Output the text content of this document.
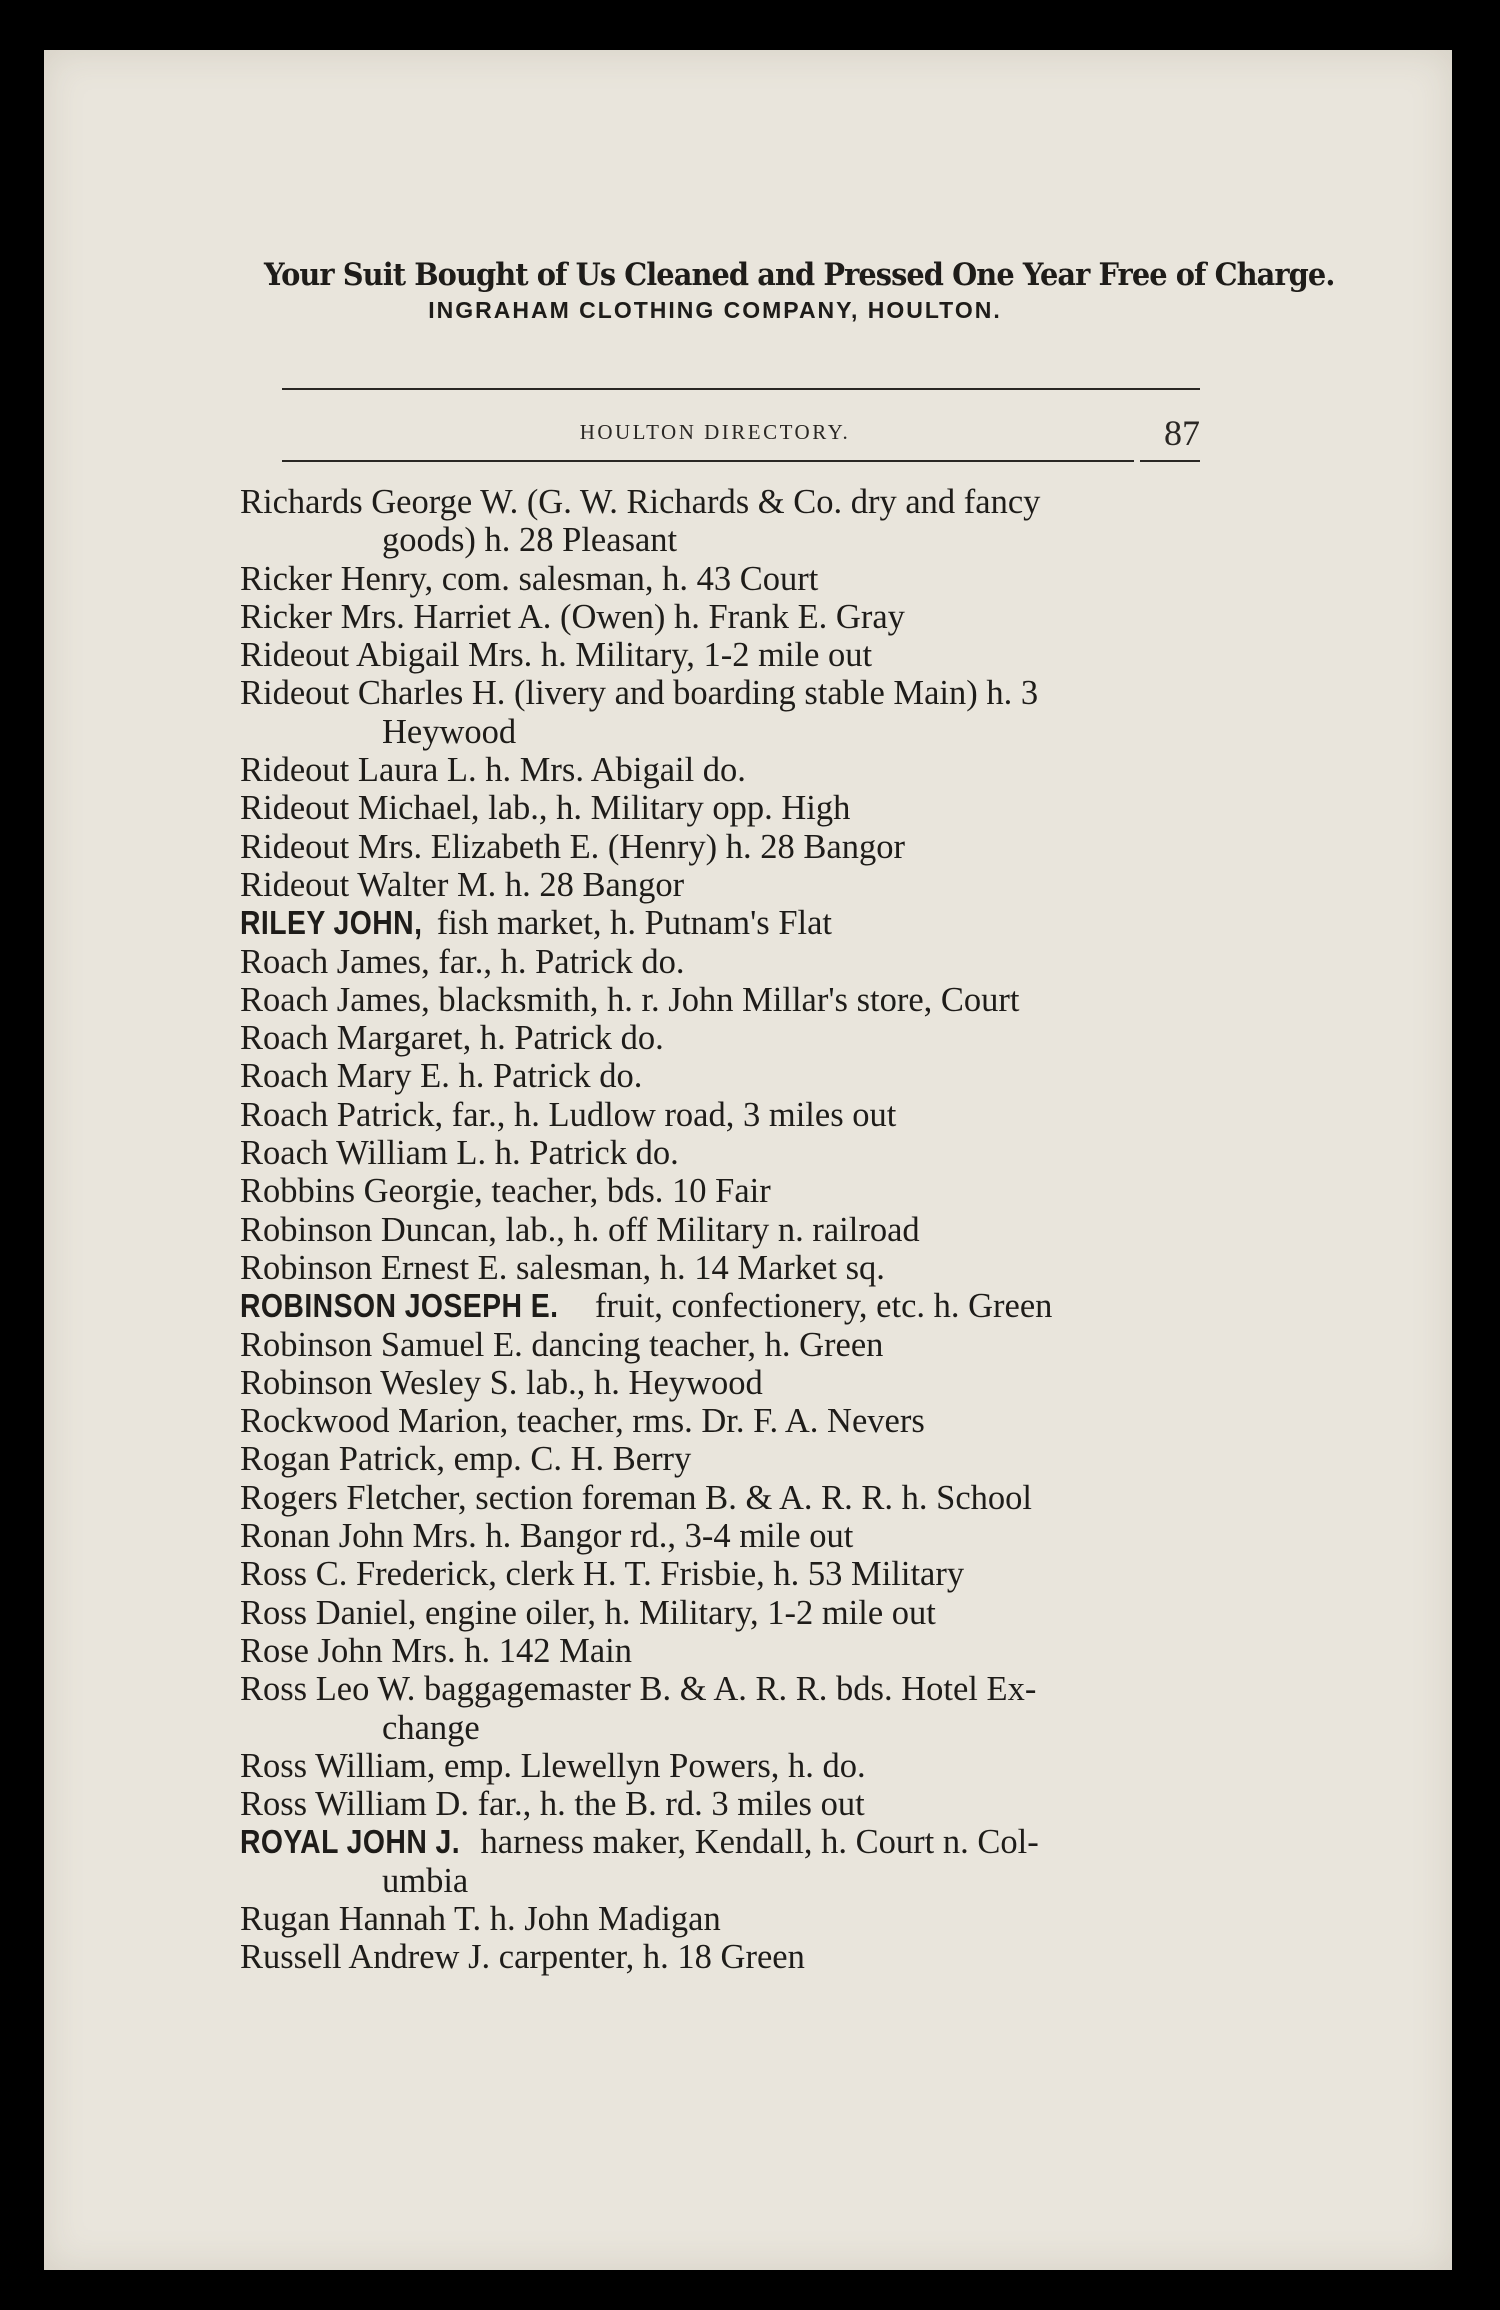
Your Suit Bought of Us Cleaned and Pressed One Year Free of Charge.
INGRAHAM CLOTHING COMPANY, HOULTON.
HOULTON DIRECTORY.	87
Richards George W. (G. W. Richards & Co. dry and fancy
goods) h. 28 Pleasant
Ricker Henry, com. salesman, h. 43 Court
Ricker Mrs. Harriet A. (Owen) h. Frank E. Gray
Rideout Abigail Mrs. h. Military, 1-2 mile out
Rideout Charles H. (livery and boarding stable Main) h. 3
Heywood
Rideout Laura L. h. Mrs. Abigail do.
Rideout Michael, lab., h. Military opp. High
Rideout Mrs. Elizabeth E. (Henry) h. 28 Bangor
Rideout Walter M. h. 28 Bangor
RILEY JOHN, fish market, h. Putnam's Flat
Roach James, far., h. Patrick do.
Roach James, blacksmith, h. r. John Millar's store, Court
Roach Margaret, h. Patrick do.
Roach Mary E. h. Patrick do.
Roach Patrick, far., h. Ludlow road, 3 miles out
Roach William L. h. Patrick do.
Robbins Georgie, teacher, bds. 10 Fair
Robinson Duncan, lab., h. off Military n. railroad
Robinson Ernest E. salesman, h. 14 Market sq.
ROBINSON JOSEPH E. fruit, confectionery, etc. h. Green
Robinson Samuel E. dancing teacher, h. Green
Robinson Wesley S. lab., h. Heywood
Rockwood Marion, teacher, rms. Dr. F. A. Nevers
Rogan Patrick, emp. C. H. Berry
Rogers Fletcher, section foreman B. & A. R. R. h. School
Ronan John Mrs. h. Bangor rd., 3-4 mile out
Ross C. Frederick, clerk H. T. Frisbie, h. 53 Military
Ross Daniel, engine oiler, h. Military, 1-2 mile out
Rose John Mrs. h. 142 Main
Ross Leo W. baggagemaster B. & A. R. R. bds. Hotel Ex-
change
Ross William, emp. Llewellyn Powers, h. do.
Ross William D. far., h. the B. rd. 3 miles out
ROYAL JOHN J. harness maker, Kendall, h. Court n. Col-
umbia
Rugan Hannah T. h. John Madigan
Russell Andrew J. carpenter, h. 18 Green
